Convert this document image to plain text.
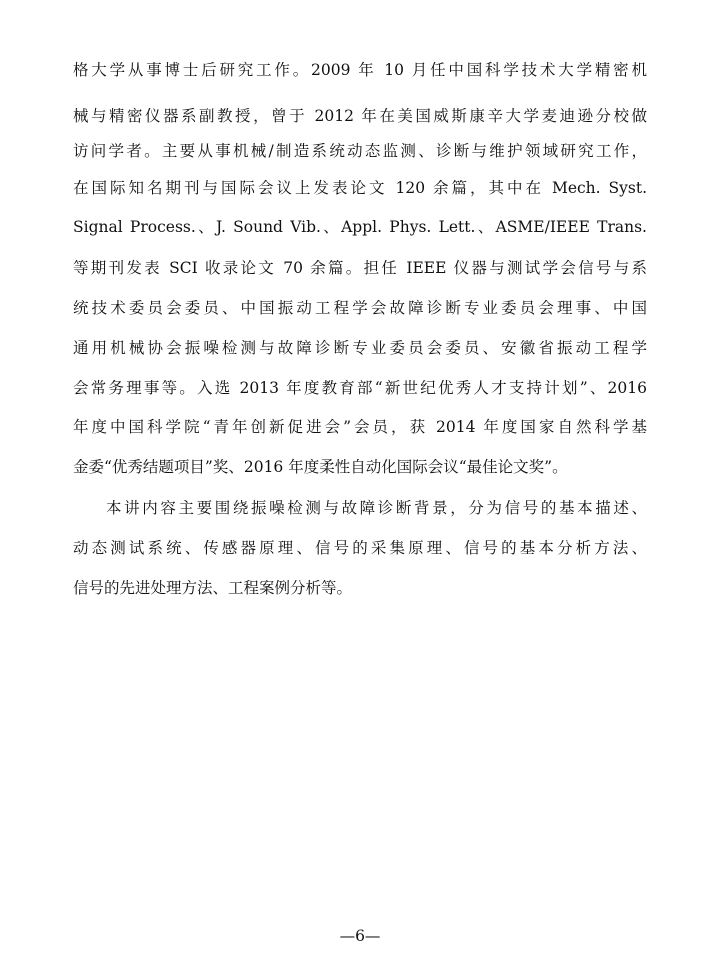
格大学从事博士后研究工作。2009 年 10 月任中国科学技术大学精密机
械与精密仪器系副教授，曾于 2012 年在美国威斯康辛大学麦迪逊分校做
访问学者。主要从事机械/制造系统动态监测、诊断与维护领域研究工作，
在国际知名期刊与国际会议上发表论文 120 余篇，其中在 Mech. Syst.
Signal Process.、J. Sound Vib.、Appl. Phys. Lett.、ASME/IEEE Trans.
等期刊发表 SCI 收录论文 70 余篇。担任 IEEE 仪器与测试学会信号与系
统技术委员会委员、中国振动工程学会故障诊断专业委员会理事、中国
通用机械协会振噪检测与故障诊断专业委员会委员、安徽省振动工程学
会常务理事等。入选 2013 年度教育部“新世纪优秀人才支持计划”、2016
年度中国科学院“青年创新促进会”会员，获 2014 年度国家自然科学基
金委“优秀结题项目”奖、2016 年度柔性自动化国际会议“最佳论文奖”。
本讲内容主要围绕振噪检测与故障诊断背景，分为信号的基本描述、
动态测试系统、传感器原理、信号的采集原理、信号的基本分析方法、
信号的先进处理方法、工程案例分析等。
—6—
